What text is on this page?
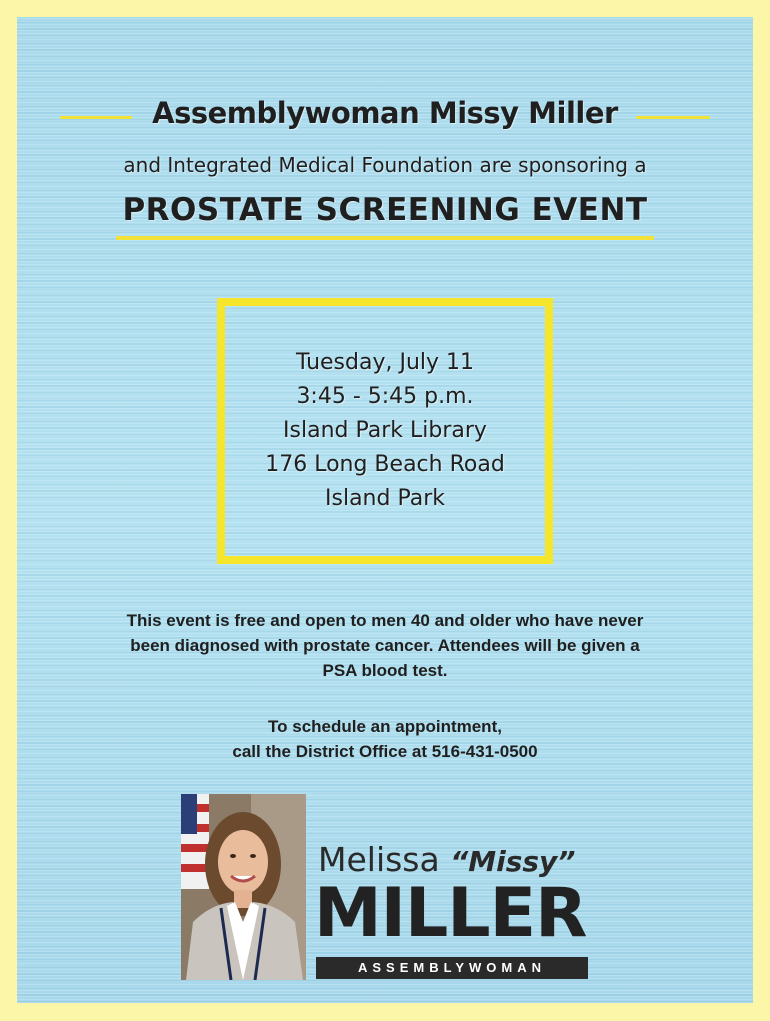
Assemblywoman Missy Miller
and Integrated Medical Foundation are sponsoring a
PROSTATE SCREENING EVENT
Tuesday, July 11
3:45 - 5:45 p.m.
Island Park Library
176 Long Beach Road
Island Park
This event is free and open to men 40 and older who have never
been diagnosed with prostate cancer. Attendees will be given a
PSA blood test.
To schedule an appointment,
call the District Office at 516-431-0500
Melissa “Missy”
MILLER
ASSEMBLYWOMAN
